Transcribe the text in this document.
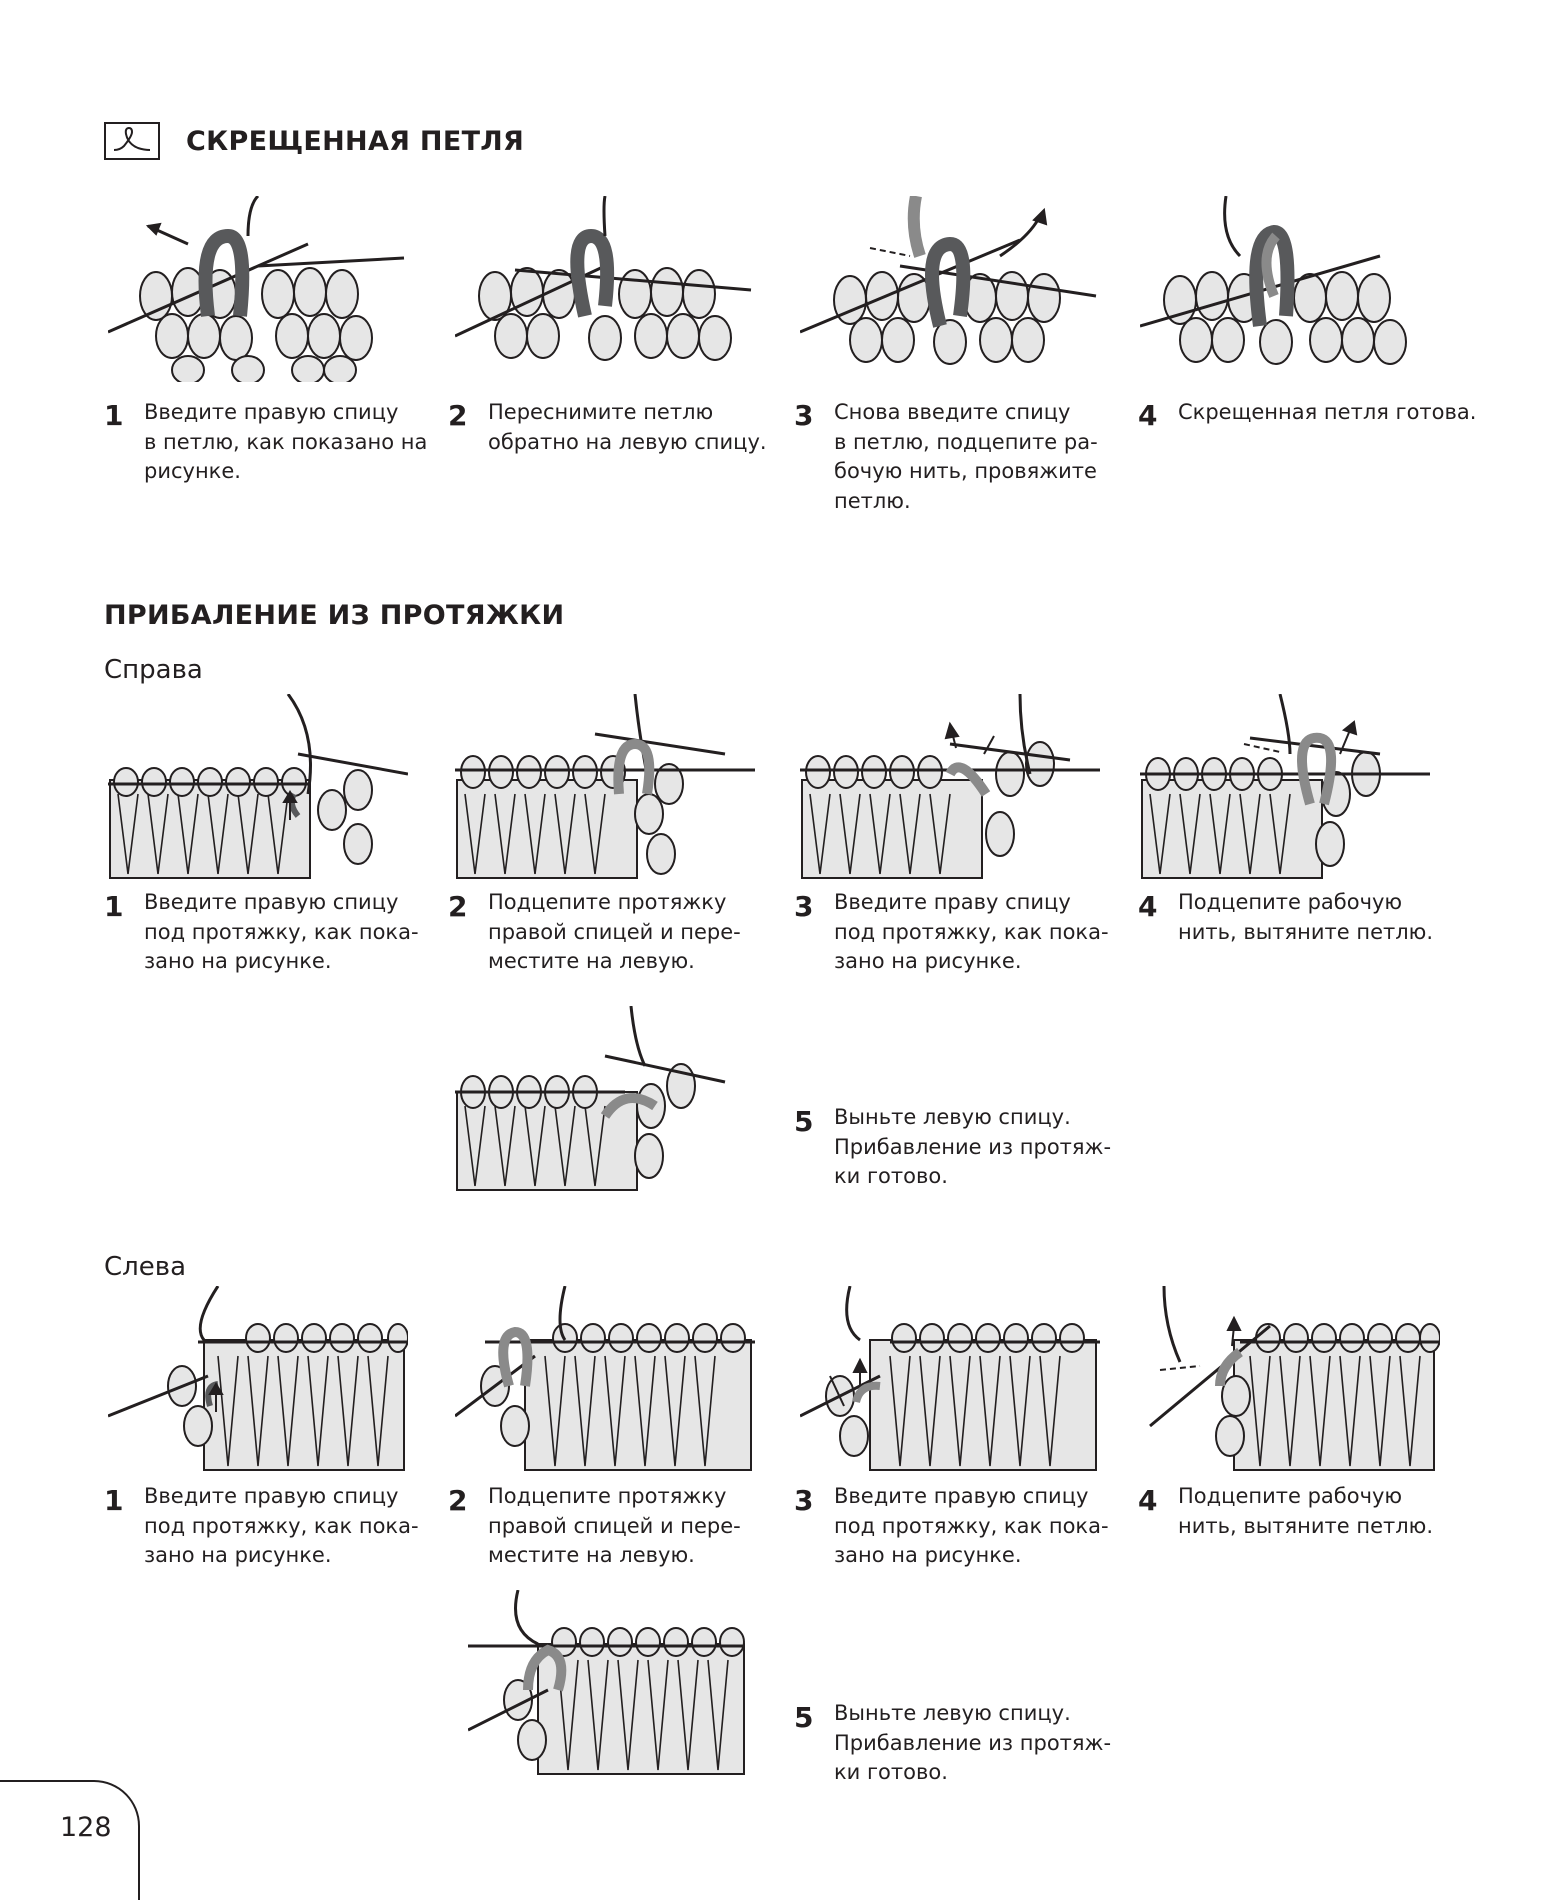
СКРЕЩЕННАЯ ПЕТЛЯ
1 Введите правую спицу
в петлю, как показано на
рисунке.
2 Переснимите петлю
обратно на левую спицу.
3 Снова введите спицу
в петлю, подцепите ра-
бочую нить, провяжите
петлю.
4 Скрещенная петля готова.
ПРИБАЛЕНИЕ ИЗ ПРОТЯЖКИ
Справа
1 Введите правую спицу
под протяжку, как пока-
зано на рисунке.
2 Подцепите протяжку
правой спицей и пере-
местите на левую.
3 Введите праву спицу
под протяжку, как пока-
зано на рисунке.
4 Подцепите рабочую
нить, вытяните петлю.
5 Выньте левую спицу.
Прибавление из протяж-
ки готово.
Слева
1 Введите правую спицу
под протяжку, как пока-
зано на рисунке.
2 Подцепите протяжку
правой спицей и пере-
местите на левую.
3 Введите правую спицу
под протяжку, как пока-
зано на рисунке.
4 Подцепите рабочую
нить, вытяните петлю.
5 Выньте левую спицу.
Прибавление из протяж-
ки готово.
128
